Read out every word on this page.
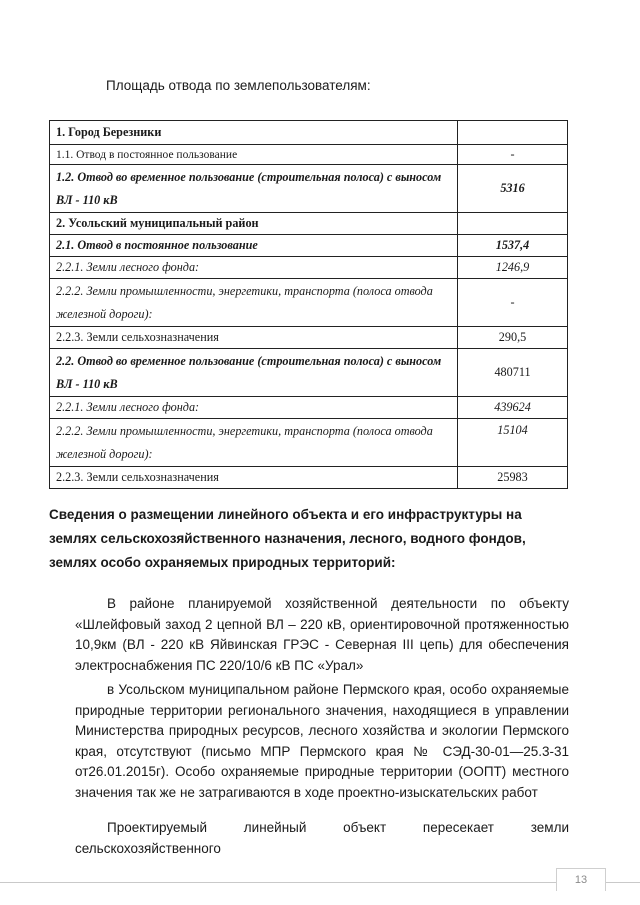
Площадь отвода по землепользователям:
1. Город Березники	
1.1. Отвод в постоянное пользование	-
1.2. Отвод во временное пользование (строительная полоса) с выносом ВЛ - 110 кВ	5316
2. Усольский муниципальный район	
2.1. Отвод в постоянное пользование	1537,4
2.2.1. Земли лесного фонда:	1246,9
2.2.2. Земли промышленности, энергетики, транспорта (полоса отвода железной дороги):	-
2.2.3. Земли сельхозназначения	290,5
2.2. Отвод во временное пользование (строительная полоса) с выносом ВЛ - 110 кВ	480711
2.2.1. Земли лесного фонда:	439624
2.2.2. Земли промышленности, энергетики, транспорта (полоса отвода железной дороги):	15104
2.2.3. Земли сельхозназначения	25983
Сведения о размещении линейного объекта и его инфраструктуры на землях сельскохозяйственного назначения, лесного, водного фондов, землях особо охраняемых природных территорий:
В районе планируемой хозяйственной деятельности по объекту «Шлейфовый заход 2 цепной ВЛ – 220 кВ, ориентировочной протяженностью 10,9км (ВЛ - 220 кВ Яйвинская ГРЭС - Северная III цепь) для обеспечения электроснабжения ПС 220/10/6 кВ ПС «Урал»
в Усольском муниципальном районе Пермского края, особо охраняемые природные территории регионального значения, находящиеся в управлении Министерства природных ресурсов, лесного хозяйства и экологии Пермского края, отсутствуют (письмо МПР Пермского края № СЭД-30-01—25.3-31 от26.01.2015г). Особо охраняемые природные территории (ООПТ) местного значения так же не затрагиваются в ходе проектно-изыскательских работ
Проектируемый линейный объект пересекает земли сельскохозяйственного
13
